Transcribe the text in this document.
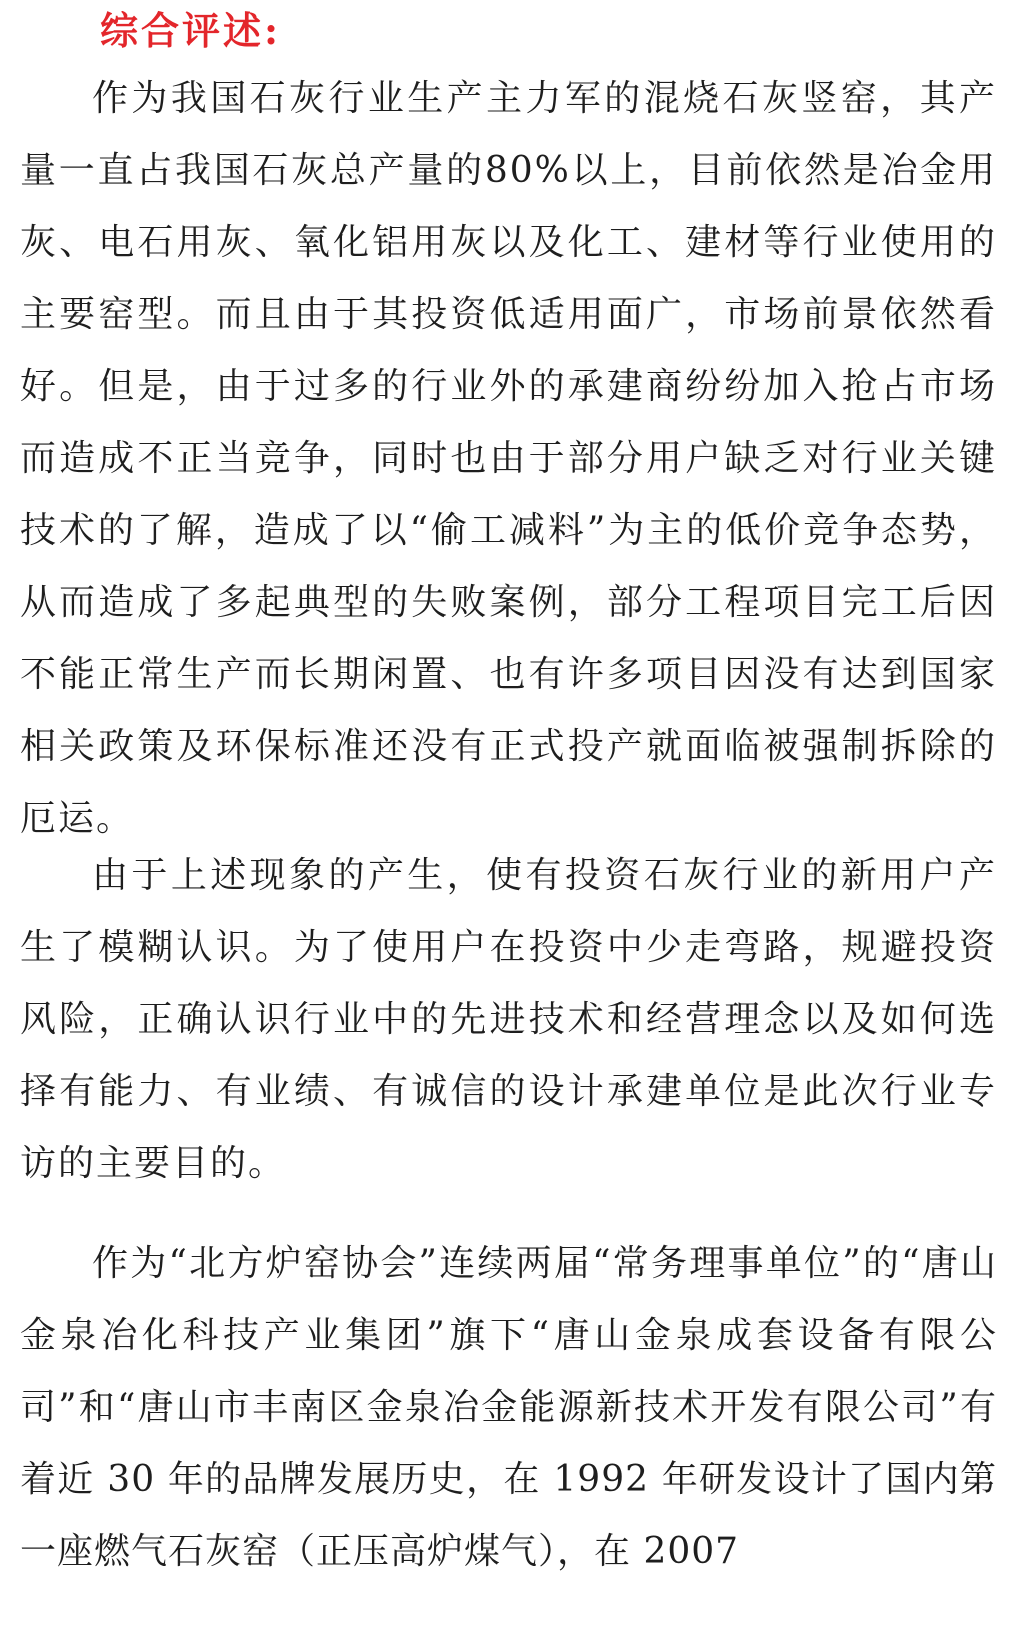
综合评述:

作为我国石灰行业生产主力军的混烧石灰竖窑，其产量一直占我国石灰总产量的80%以上，目前依然是冶金用灰、电石用灰、氧化铝用灰以及化工、建材等行业使用的主要窑型。而且由于其投资低适用面广，市场前景依然看好。但是，由于过多的行业外的承建商纷纷加入抢占市场而造成不正当竞争，同时也由于部分用户缺乏对行业关键技术的了解，造成了以“偷工减料”为主的低价竞争态势，从而造成了多起典型的失败案例，部分工程项目完工后因不能正常生产而长期闲置、也有许多项目因没有达到国家相关政策及环保标准还没有正式投产就面临被强制拆除的厄运。

由于上述现象的产生，使有投资石灰行业的新用户产生了模糊认识。为了使用户在投资中少走弯路，规避投资风险，正确认识行业中的先进技术和经营理念以及如何选择有能力、有业绩、有诚信的设计承建单位是此次行业专访的主要目的。

作为“北方炉窑协会”连续两届“常务理事单位”的“唐山金泉冶化科技产业集团”旗下“唐山金泉成套设备有限公司”和“唐山市丰南区金泉冶金能源新技术开发有限公司”有着近 30 年的品牌发展历史，在 1992 年研发设计了国内第一座燃气石灰窑（正压高炉煤气），在 2007
